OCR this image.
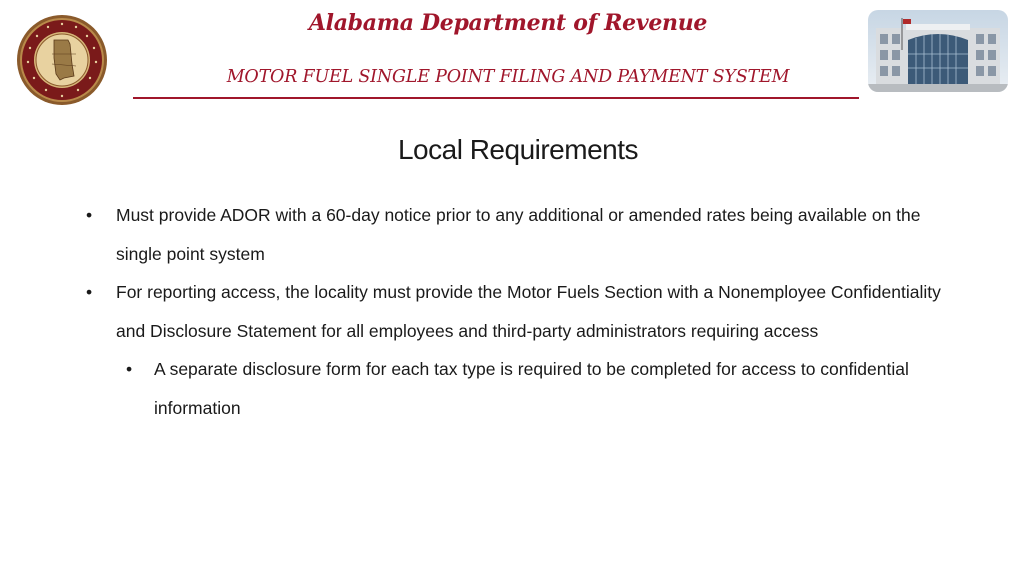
Alabama Department of Revenue
MOTOR FUEL SINGLE POINT FILING AND PAYMENT SYSTEM
Local Requirements
•	Must provide ADOR with a 60-day notice prior to any additional or amended rates being available on the single point system
•	For reporting access, the locality must provide the Motor Fuels Section with a Nonemployee Confidentiality and Disclosure Statement for all employees and third-party administrators requiring access
•	A separate disclosure form for each tax type is required to be completed for access to confidential information
